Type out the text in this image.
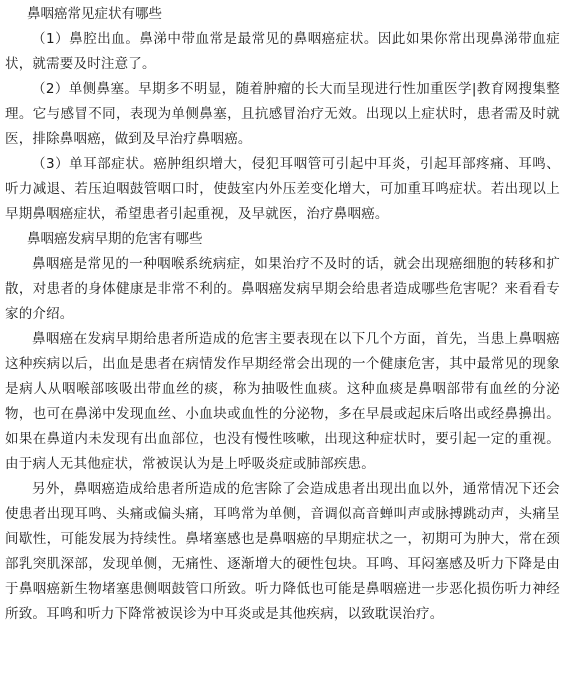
鼻咽癌常见症状有哪些

（1）鼻腔出血。鼻涕中带血常是最常见的鼻咽癌症状。因此如果你常出现鼻涕带血症状，就需要及时注意了。

（2）单侧鼻塞。早期多不明显，随着肿瘤的长大而呈现进行性加重医学|教育网搜集整理。它与感冒不同，表现为单侧鼻塞，且抗感冒治疗无效。出现以上症状时，患者需及时就医，排除鼻咽癌，做到及早治疗鼻咽癌。

（3）单耳部症状。癌肿组织增大，侵犯耳咽管可引起中耳炎，引起耳部疼痛、耳鸣、听力减退、若压迫咽鼓管咽口时，使鼓室内外压差变化增大，可加重耳鸣症状。若出现以上早期鼻咽癌症状，希望患者引起重视，及早就医，治疗鼻咽癌。

鼻咽癌发病早期的危害有哪些

鼻咽癌是常见的一种咽喉系统病症，如果治疗不及时的话，就会出现癌细胞的转移和扩散，对患者的身体健康是非常不利的。鼻咽癌发病早期会给患者造成哪些危害呢？来看看专家的介绍。

鼻咽癌在发病早期给患者所造成的危害主要表现在以下几个方面，首先，当患上鼻咽癌这种疾病以后，出血是患者在病情发作早期经常会出现的一个健康危害，其中最常见的现象是病人从咽喉部咳吸出带血丝的痰，称为抽吸性血痰。这种血痰是鼻咽部带有血丝的分泌物，也可在鼻涕中发现血丝、小血块或血性的分泌物，多在早晨或起床后咯出或经鼻擤出。如果在鼻道内未发现有出血部位，也没有慢性咳嗽，出现这种症状时，要引起一定的重视。由于病人无其他症状，常被误认为是上呼吸炎症或肺部疾患。

另外，鼻咽癌造成给患者所造成的危害除了会造成患者出现出血以外，通常情况下还会使患者出现耳鸣、头痛或偏头痛，耳鸣常为单侧，音调似高音蝉叫声或脉搏跳动声，头痛呈间歇性，可能发展为持续性。鼻堵塞感也是鼻咽癌的早期症状之一，初期可为肿大，常在颈部乳突肌深部，发现单侧，无痛性、逐渐增大的硬性包块。耳鸣、耳闷塞感及听力下降是由于鼻咽癌新生物堵塞患侧咽鼓管口所致。听力降低也可能是鼻咽癌进一步恶化损伤听力神经所致。耳鸣和听力下降常被误诊为中耳炎或是其他疾病，以致耽误治疗。
